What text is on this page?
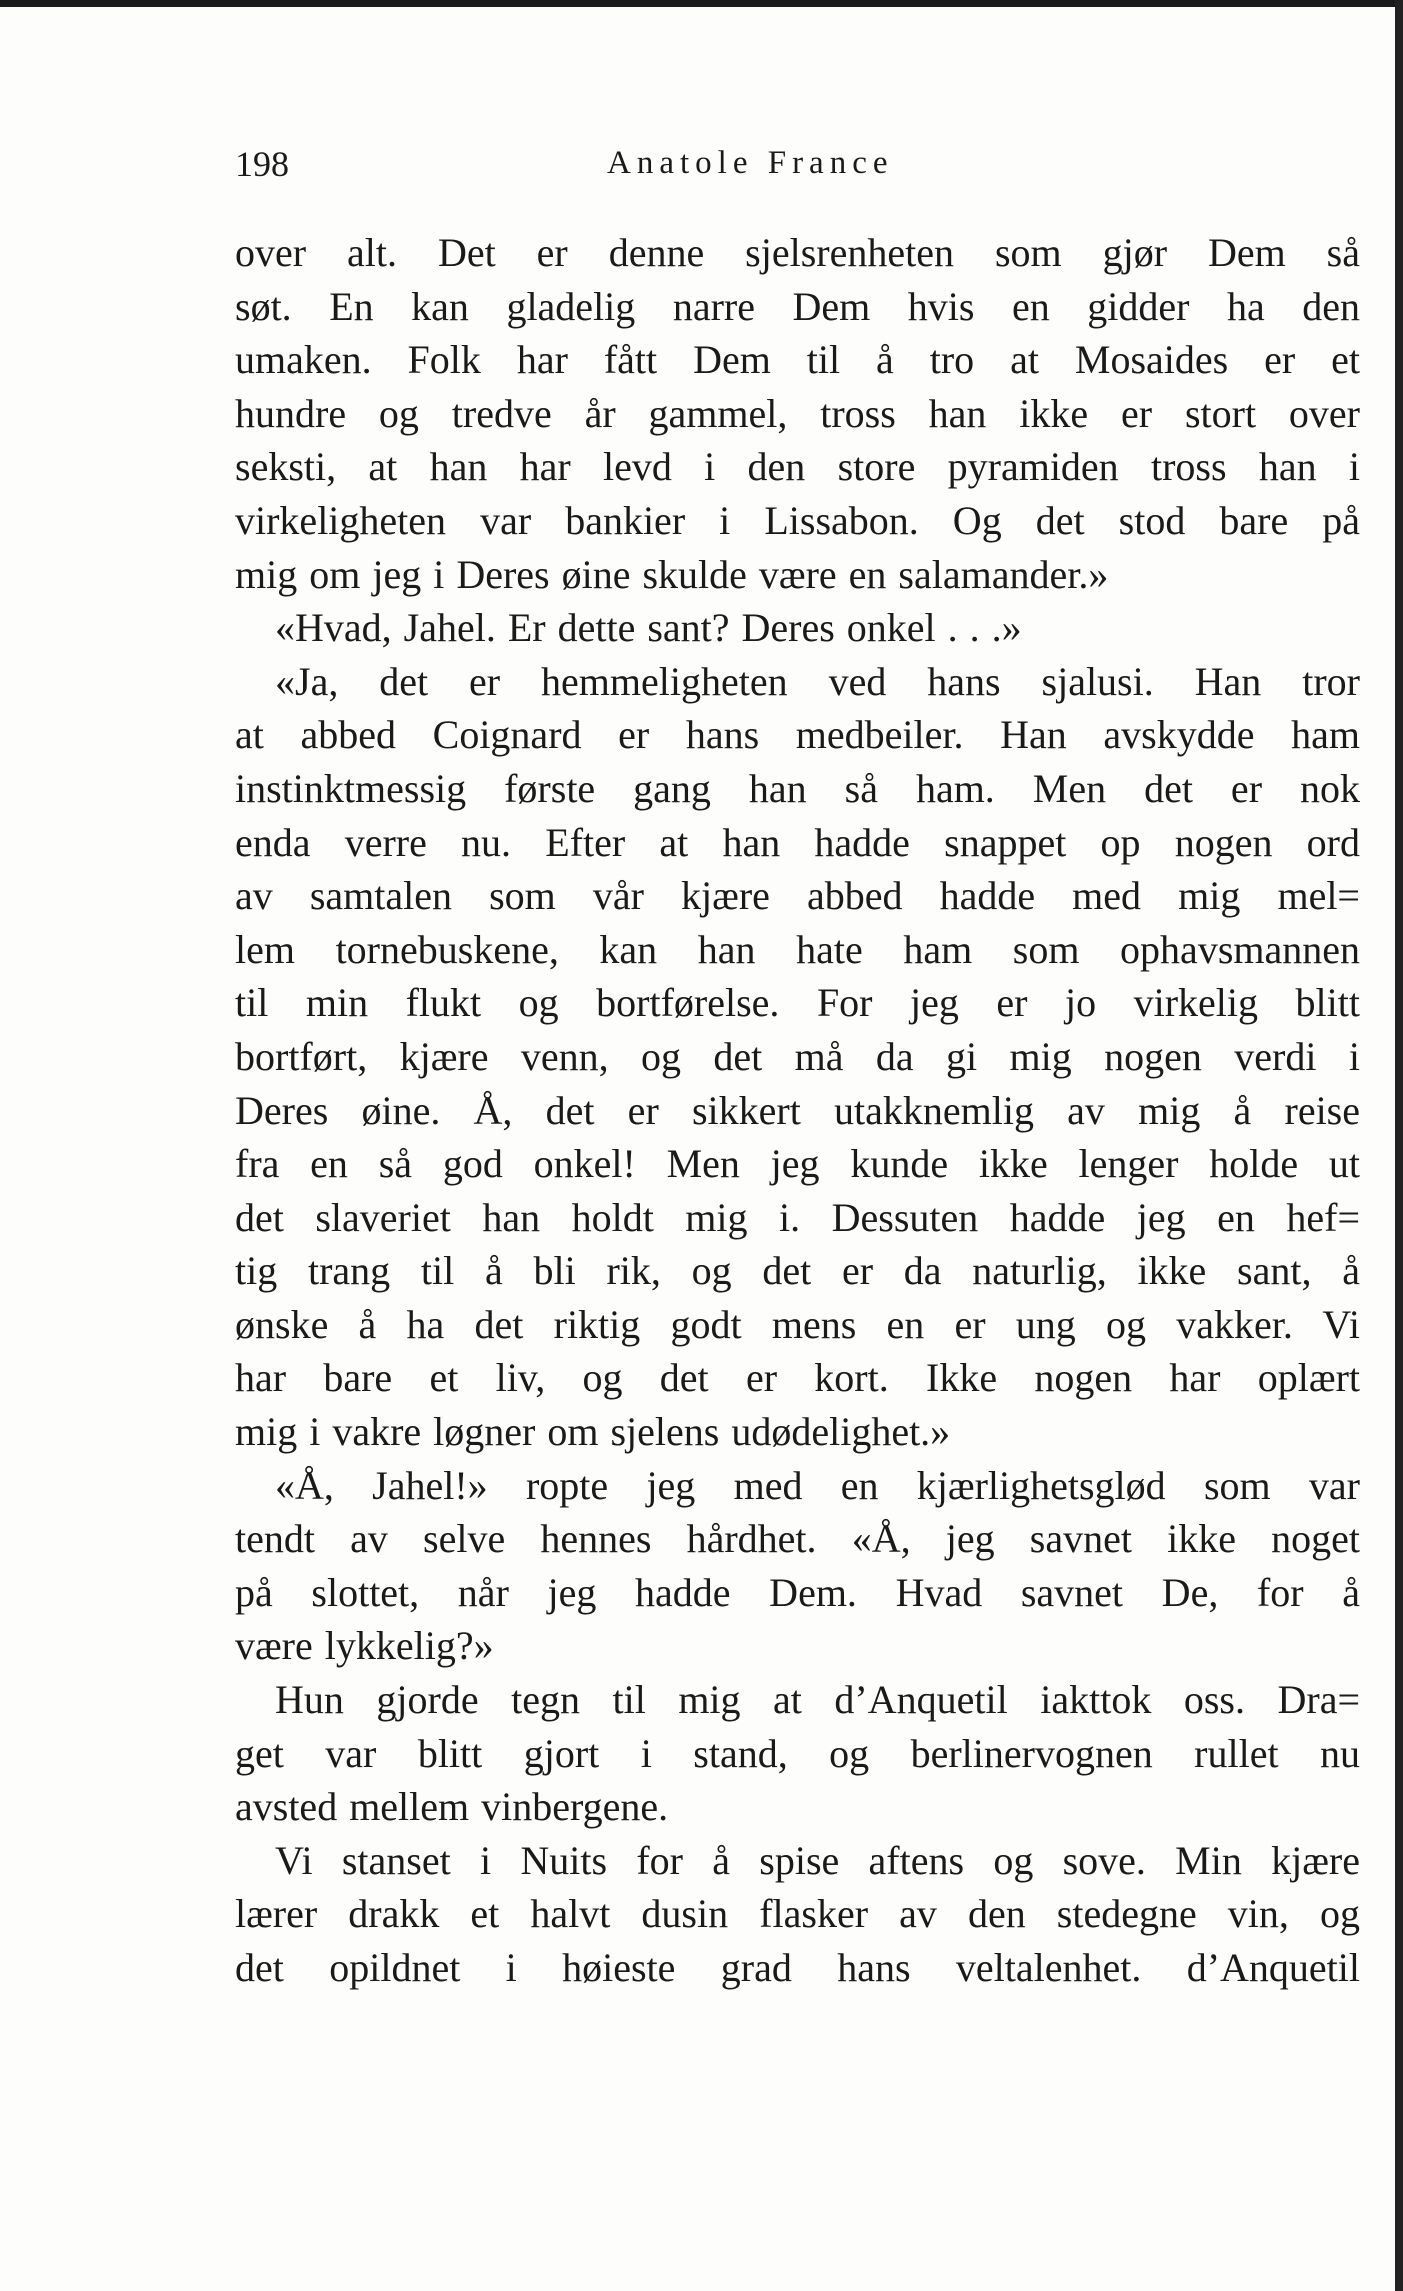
198	Anatole France
over alt. Det er denne sjelsrenheten som gjør Dem så
søt. En kan gladelig narre Dem hvis en gidder ha den
umaken. Folk har fått Dem til å tro at Mosaides er et
hundre og tredve år gammel, tross han ikke er stort over
seksti, at han har levd i den store pyramiden tross han i
virkeligheten var bankier i Lissabon. Og det stod bare på
mig om jeg i Deres øine skulde være en salamander.»
«Hvad, Jahel. Er dette sant? Deres onkel . . .»
«Ja, det er hemmeligheten ved hans sjalusi. Han tror
at abbed Coignard er hans medbeiler. Han avskydde ham
instinktmessig første gang han så ham. Men det er nok
enda verre nu. Efter at han hadde snappet op nogen ord
av samtalen som vår kjære abbed hadde med mig mel=
lem tornebuskene, kan han hate ham som ophavsmannen
til min flukt og bortførelse. For jeg er jo virkelig blitt
bortført, kjære venn, og det må da gi mig nogen verdi i
Deres øine. Å, det er sikkert utakknemlig av mig å reise
fra en så god onkel! Men jeg kunde ikke lenger holde ut
det slaveriet han holdt mig i. Dessuten hadde jeg en hef=
tig trang til å bli rik, og det er da naturlig, ikke sant, å
ønske å ha det riktig godt mens en er ung og vakker. Vi
har bare et liv, og det er kort. Ikke nogen har oplært
mig i vakre løgner om sjelens udødelighet.»
«Å, Jahel!» ropte jeg med en kjærlighetsglød som var
tendt av selve hennes hårdhet. «Å, jeg savnet ikke noget
på slottet, når jeg hadde Dem. Hvad savnet De, for å
være lykkelig?»
Hun gjorde tegn til mig at d’Anquetil iakttok oss. Dra=
get var blitt gjort i stand, og berlinervognen rullet nu
avsted mellem vinbergene.
Vi stanset i Nuits for å spise aftens og sove. Min kjære
lærer drakk et halvt dusin flasker av den stedegne vin, og
det opildnet i høieste grad hans veltalenhet. d’Anquetil
